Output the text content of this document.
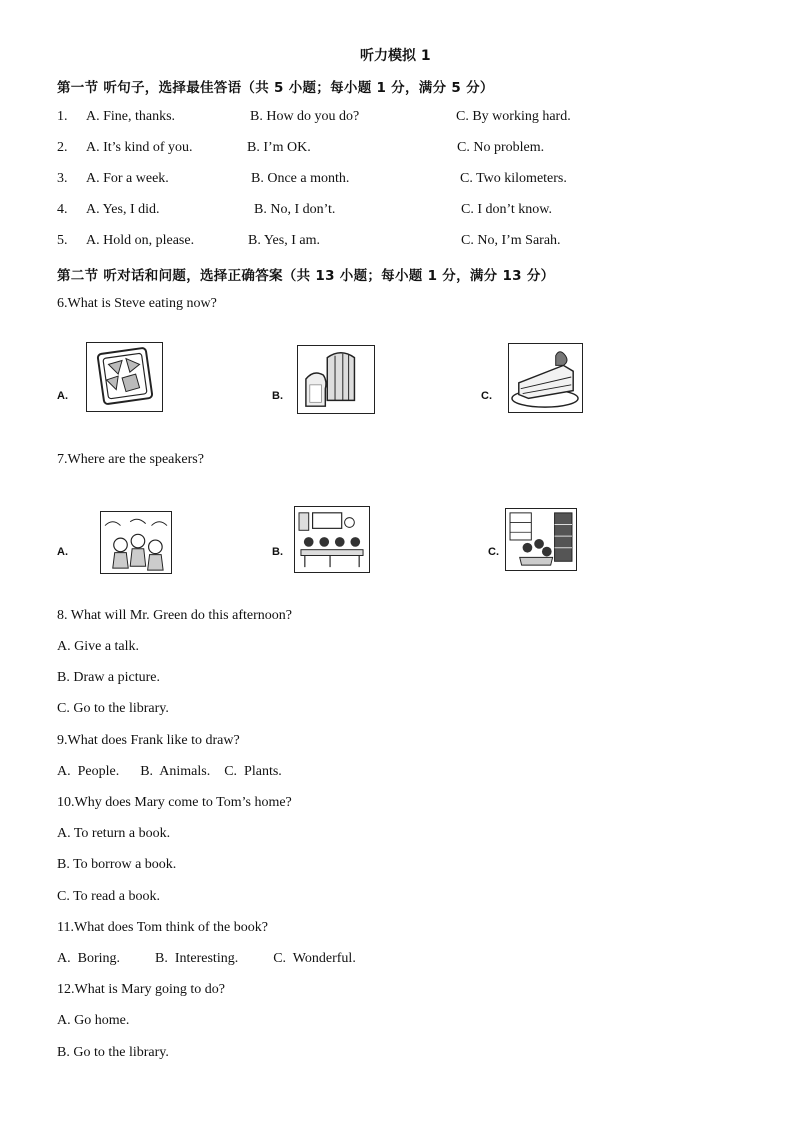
听力模拟 1
第一节 听句子，选择最佳答语（共 5 小题；每小题 1 分，满分 5 分）
1. A. Fine, thanks.	B. How do you do?	C. By working hard.
2. A. It’s kind of you.	B. I’m OK.	C. No problem.
3. A. For a week.	B. Once a month.	C. Two kilometers.
4. A. Yes, I did.	B. No, I don’t.	C. I don’t know.
5. A. Hold on, please.	B. Yes, I am.	C. No, I’m Sarah.
第二节 听对话和问题，选择正确答案（共 13 小题；每小题 1 分，满分 13 分）
6.What is Steve eating now?
A.	B.	C.
7.Where are the speakers?
A.	B.	C.
8. What will Mr. Green do this afternoon?
A. Give a talk.
B. Draw a picture.
C. Go to the library.
9.What does Frank like to draw?
A.  People.      B.  Animals.    C.  Plants.
10.Why does Mary come to Tom’s home?
A. To return a book.
B. To borrow a book.
C. To read a book.
11.What does Tom think of the book?
A.  Boring.          B.  Interesting.          C.  Wonderful.
12.What is Mary going to do?
A. Go home.
B. Go to the library.
